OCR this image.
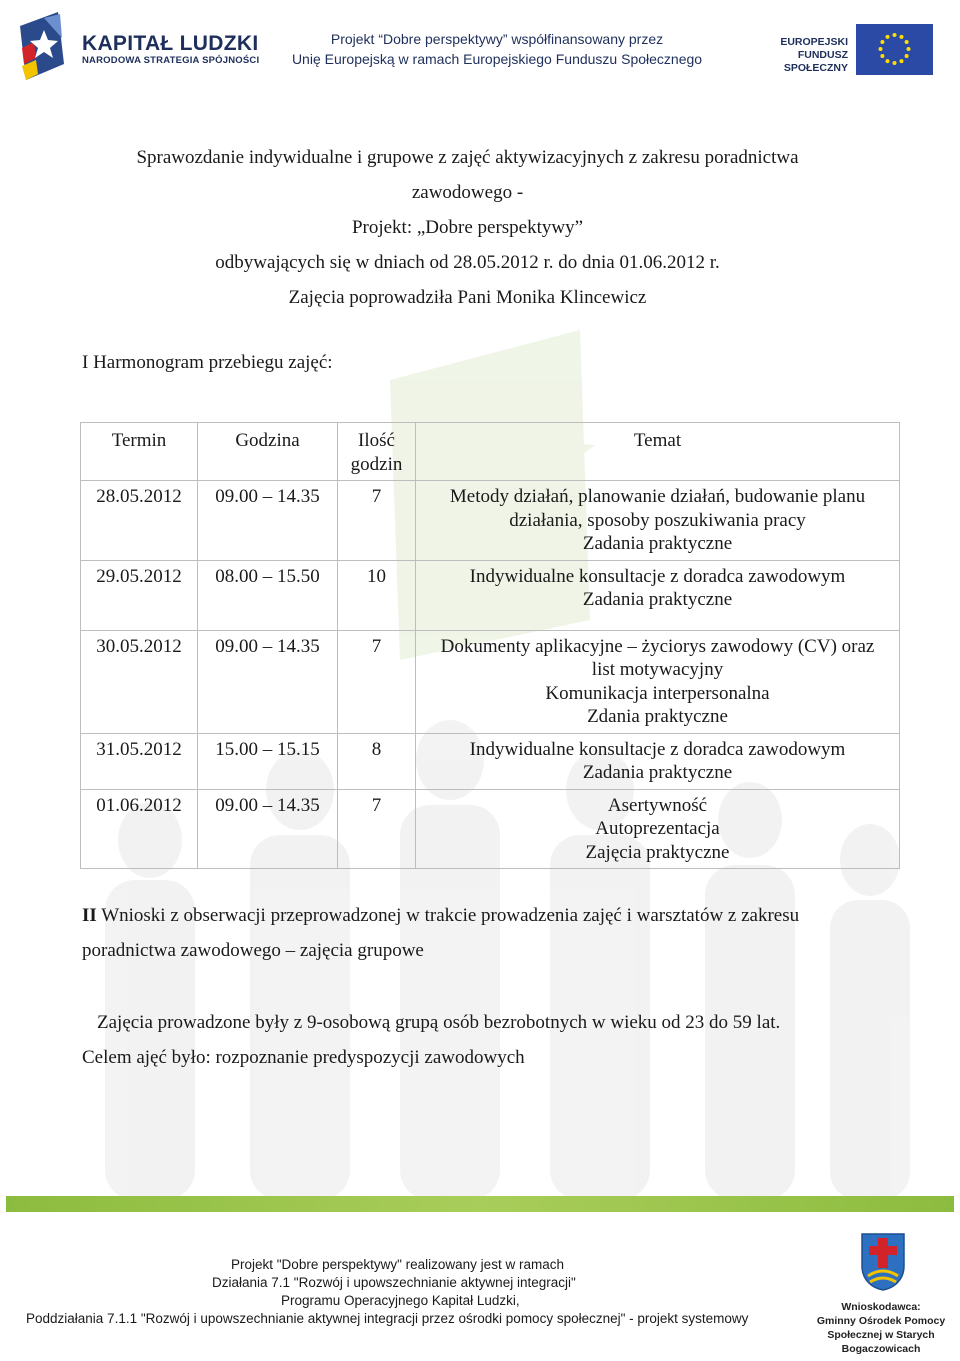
KAPITAŁ LUDZKI
NARODOWA STRATEGIA SPÓJNOŚCI
Projekt “Dobre perspektywy” współfinansowany przez
Unię Europejską w ramach Europejskiego Funduszu Społecznego
EUROPEJSKI
FUNDUSZ SPOŁECZNY
Sprawozdanie indywidualne i grupowe z zajęć aktywizacyjnych z zakresu poradnictwa
zawodowego -
Projekt: „Dobre perspektywy”
odbywających się w dniach od 28.05.2012 r. do dnia 01.06.2012 r.
Zajęcia poprowadziła Pani Monika Klincewicz
I Harmonogram przebiegu zajęć:
Termin	Godzina	Ilość godzin	Temat
28.05.2012	09.00 – 14.35	7	Metody działań, planowanie działań, budowanie planu
działania, sposoby poszukiwania pracy
Zadania praktyczne

29.05.2012	08.00 – 15.50	10	Indywidualne konsultacje z doradca zawodowym
Zadania praktyczne

30.05.2012	09.00 – 14.35	7	Dokumenty aplikacyjne – życiorys zawodowy (CV) oraz
list motywacyjny
Komunikacja interpersonalna
Zdania praktyczne

31.05.2012	15.00 – 15.15	8	Indywidualne konsultacje z doradca zawodowym
Zadania praktyczne

01.06.2012	09.00 – 14.35	7	Asertywność
Autoprezentacja
Zajęcia praktyczne
II Wnioski z obserwacji przeprowadzonej w trakcie prowadzenia zajęć i warsztatów z zakresu poradnictwa zawodowego – zajęcia grupowe
Zajęcia prowadzone były z 9-osobową grupą osób bezrobotnych w wieku od 23 do 59 lat.
Celem ajęć było: rozpoznanie predyspozycji zawodowych
Projekt "Dobre perspektywy" realizowany jest w ramach
Działania 7.1 "Rozwój i upowszechnianie aktywnej integracji"
Programu Operacyjnego Kapitał Ludzki,
Poddziałania 7.1.1 "Rozwój i upowszechnianie aktywnej integracji przez ośrodki pomocy społecznej" - projekt systemowy
Wnioskodawca:
Gminny Ośrodek Pomocy
Społecznej w Starych
Bogaczowicach
